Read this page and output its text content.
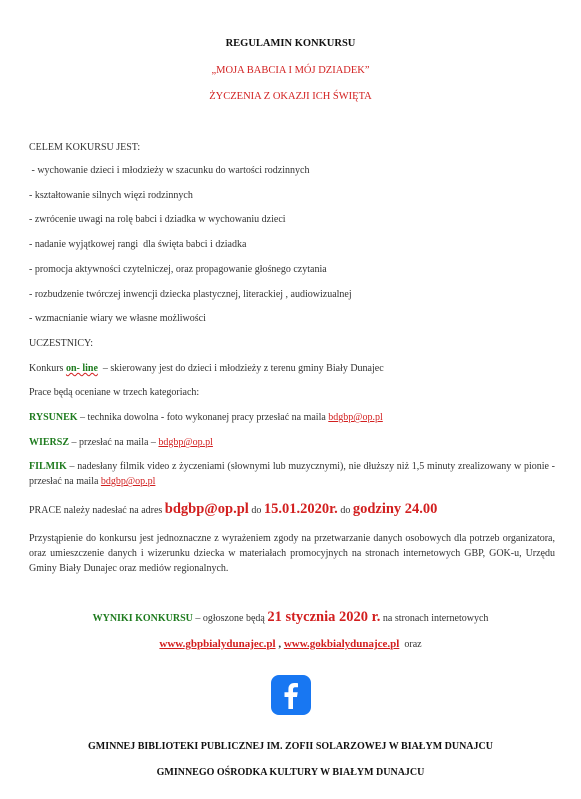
REGULAMIN KONKURSU
„MOJA BABCIA I MÓJ DZIADEK”
ŻYCZENIA Z OKAZJI ICH ŚWIĘTA
CELEM KOKURSU JEST:
- wychowanie dzieci i młodzieży w szacunku do wartości rodzinnych
- kształtowanie silnych więzi rodzinnych
- zwrócenie uwagi na rolę babci i dziadka w wychowaniu dzieci
- nadanie wyjątkowej rangi  dla święta babci i dziadka
- promocja aktywności czytelniczej, oraz propagowanie głośnego czytania
- rozbudzenie twórczej inwencji dziecka plastycznej, literackiej , audiowizualnej
- wzmacnianie wiary we własne możliwości
UCZESTNICY:
Konkurs on- line  – skierowany jest do dzieci i młodzieży z terenu gminy Biały Dunajec
Prace będą oceniane w trzech kategoriach:
RYSUNEK – technika dowolna - foto wykonanej pracy przesłać na maila bdgbp@op.pl
WIERSZ – przesłać na maila – bdgbp@op.pl
FILMIK – nadesłany filmik video z życzeniami (słownymi lub muzycznymi), nie dłuższy niż 1,5 minuty zrealizowany w pionie - przesłać na maila bdgbp@op.pl
PRACE należy nadesłać na adres bdgbp@op.pl do 15.01.2020r. do godziny 24.00
Przystąpienie do konkursu jest jednoznaczne z wyrażeniem zgody na przetwarzanie danych osobowych dla potrzeb organizatora, oraz umieszczenie danych i wizerunku dziecka w materiałach promocyjnych na stronach internetowych GBP, GOK-u, Urzędu Gminy Biały Dunajec oraz mediów regionalnych.
WYNIKI KONKURSU – ogłoszone będą 21 stycznia 2020 r. na stronach internetowych
www.gbpbialydunajec.pl , www.gokbialydunajce.pl  oraz
GMINNEJ BIBLIOTEKI PUBLICZNEJ IM. ZOFII SOLARZOWEJ W BIAŁYM DUNAJCU
GMINNEGO OŚRODKA KULTURY W BIAŁYM DUNAJCU
